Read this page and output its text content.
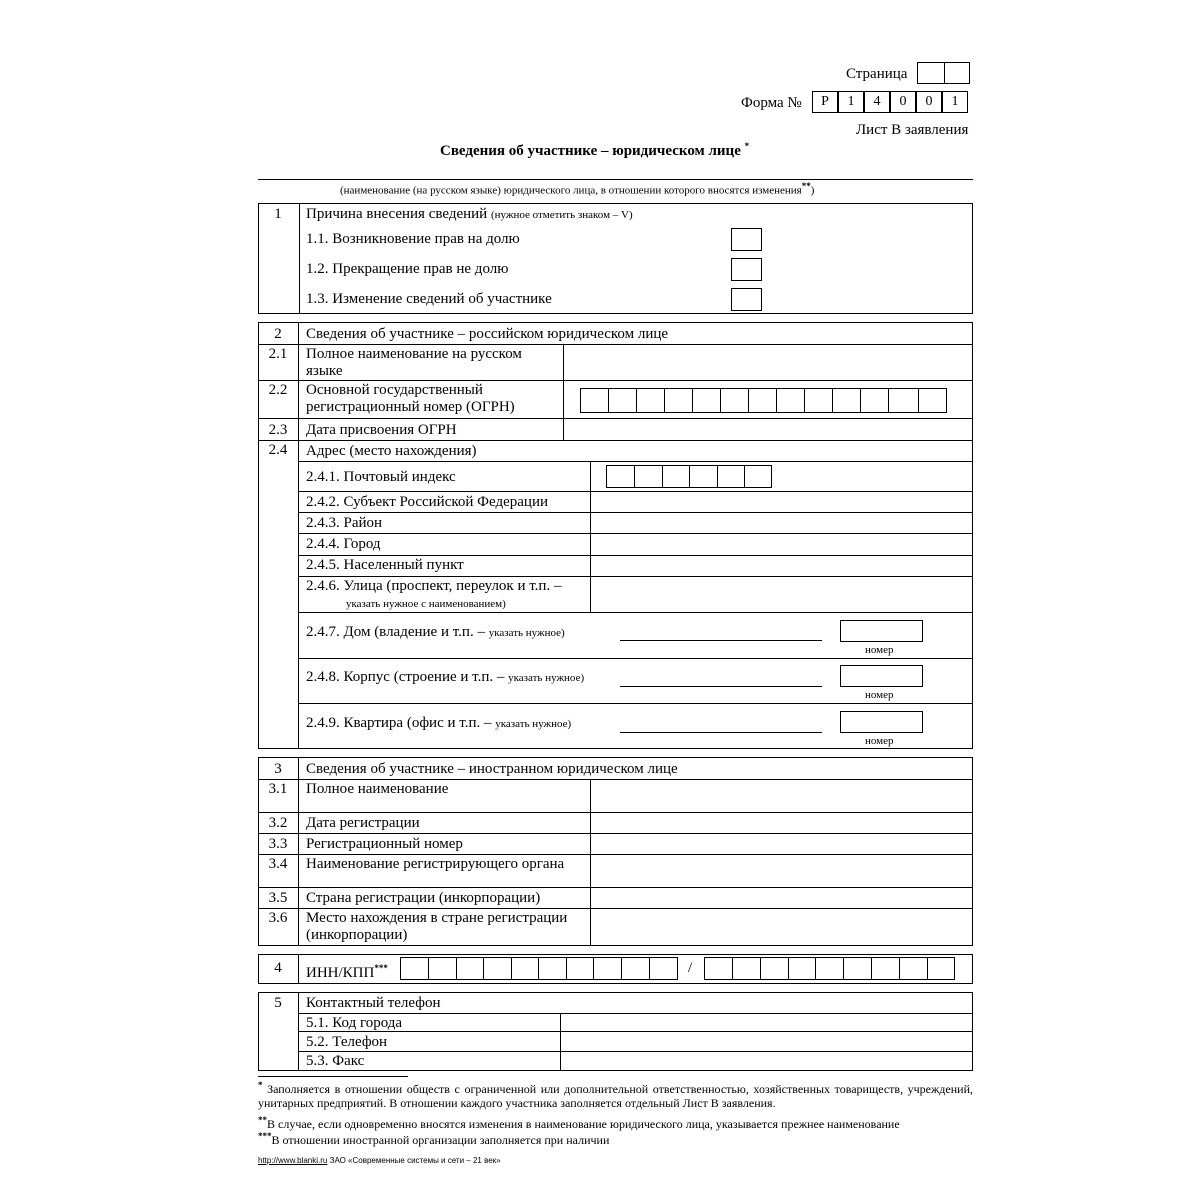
Страница
Форма №	Р	1	4	0	0	1
Лист В заявления
Сведения об участнике – юридическом лице *
(наименование (на русском языке) юридического лица, в отношении которого вносятся изменения**)
1	Причина внесения сведений (нужное отметить знаком – V)
1.1. Возникновение прав на долю
1.2. Прекращение прав не долю
1.3. Изменение сведений об участнике
2	Сведения об участнике – российском юридическом лице
2.1	Полное наименование на русском языке
2.2	Основной государственный регистрационный номер (ОГРН)
2.3	Дата присвоения ОГРН
2.4	Адрес (место нахождения)
2.4.1. Почтовый индекс
2.4.2. Субъект Российской Федерации
2.4.3. Район
2.4.4. Город
2.4.5. Населенный пункт
2.4.6. Улица (проспект, переулок и т.п. –
указать нужное с наименованием)
2.4.7. Дом (владение и т.п. – указать нужное)
номер
2.4.8. Корпус (строение и т.п. – указать нужное)
номер
2.4.9. Квартира (офис и т.п. – указать нужное)
номер
3	Сведения об участнике – иностранном юридическом лице
3.1	Полное наименование
3.2	Дата регистрации
3.3	Регистрационный номер
3.4	Наименование регистрирующего органа
3.5	Страна регистрации (инкорпорации)
3.6	Место нахождения в стране регистрации (инкорпорации)
4	ИНН/КПП***	/
5	Контактный телефон
5.1. Код города
5.2. Телефон
5.3. Факс
* Заполняется в отношении обществ с ограниченной или дополнительной ответственностью, хозяйственных товариществ, учреждений, унитарных предприятий. В отношении каждого участника заполняется отдельный Лист В заявления.
**В случае, если одновременно вносятся изменения в наименование юридического лица, указывается прежнее наименование
***В отношении иностранной организации заполняется при наличии
http://www.blanki.ru ЗАО «Современные системы и сети – 21 век»
